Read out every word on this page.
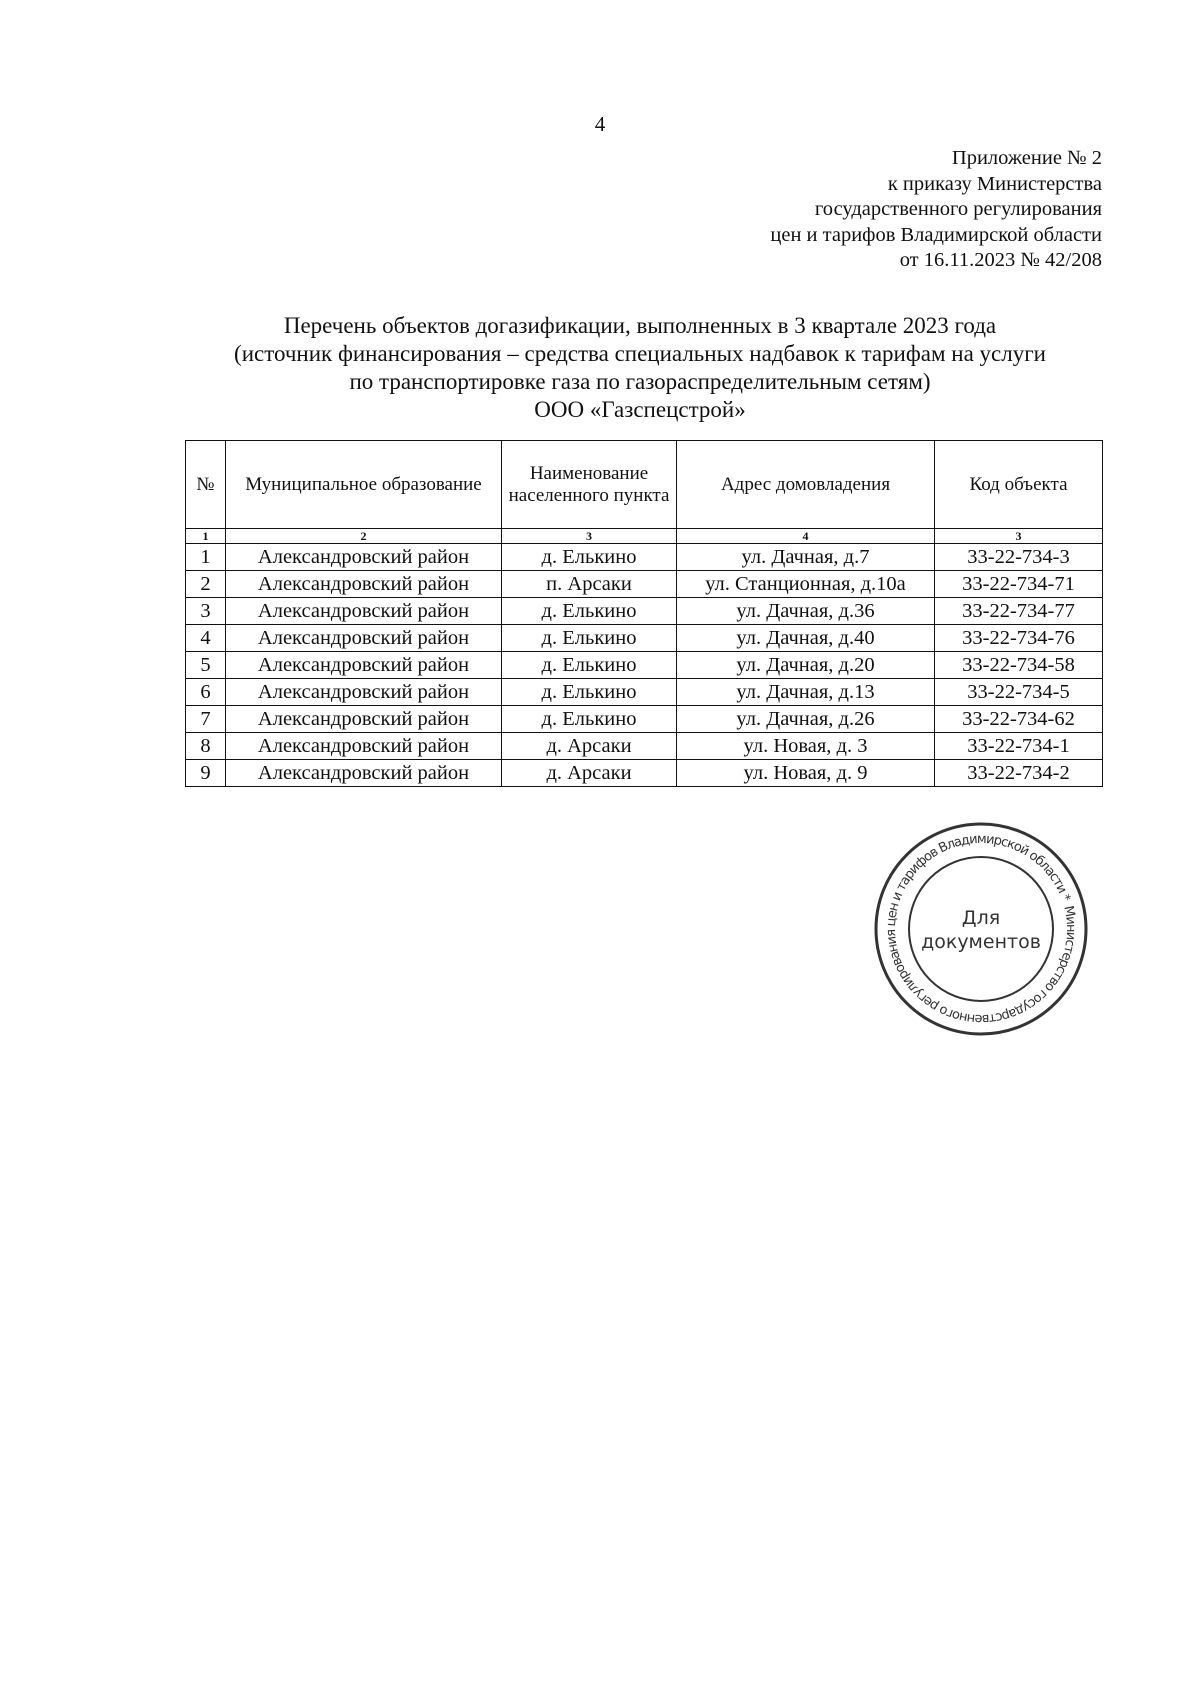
4
Приложение № 2
к приказу Министерства
государственного регулирования
цен и тарифов Владимирской области
от 16.11.2023 № 42/208
Перечень объектов догазификации, выполненных в 3 квартале 2023 года
(источник финансирования – средства специальных надбавок к тарифам на услуги
по транспортировке газа по газораспределительным сетям)
ООО «Газспецстрой»
№	Муниципальное образование	Наименование населенного пункта	Адрес домовладения	Код объекта
1	2	3	4	3
1	Александровский район	д. Елькино	ул. Дачная, д.7	33-22-734-3
2	Александровский район	п. Арсаки	ул. Станционная, д.10а	33-22-734-71
3	Александровский район	д. Елькино	ул. Дачная, д.36	33-22-734-77
4	Александровский район	д. Елькино	ул. Дачная, д.40	33-22-734-76
5	Александровский район	д. Елькино	ул. Дачная, д.20	33-22-734-58
6	Александровский район	д. Елькино	ул. Дачная, д.13	33-22-734-5
7	Александровский район	д. Елькино	ул. Дачная, д.26	33-22-734-62
8	Александровский район	д. Арсаки	ул. Новая, д. 3	33-22-734-1
9	Александровский район	д. Арсаки	ул. Новая, д. 9	33-22-734-2
Министерство государственного регулирования цен и тарифов Владимирской области *
Для
документов
